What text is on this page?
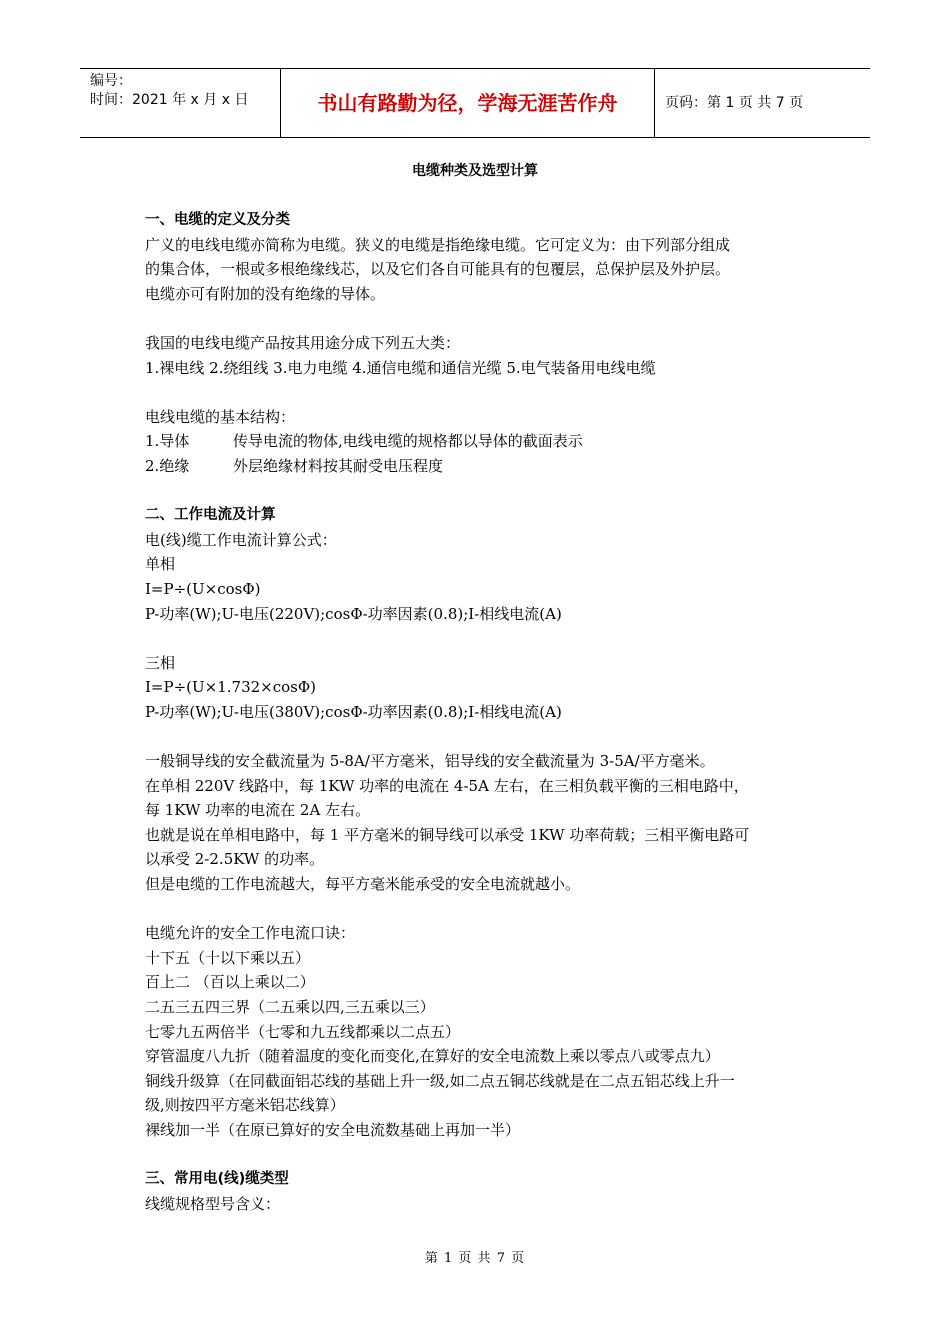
编号：
时间：2021 年 x 月 x 日	书山有路勤为径，学海无涯苦作舟	页码：第 1 页 共 7 页
电缆种类及选型计算

一、电缆的定义及分类

广义的电线电缆亦简称为电缆。狭义的电缆是指绝缘电缆。它可定义为：由下列部分组成

的集合体，一根或多根绝缘线芯，以及它们各自可能具有的包覆层，总保护层及外护层。

电缆亦可有附加的没有绝缘的导体。

我国的电线电缆产品按其用途分成下列五大类：

1.裸电线 2.绕组线 3.电力电缆 4.通信电缆和通信光缆 5.电气装备用电线电缆

电线电缆的基本结构：

1.导体	传导电流的物体,电线电缆的规格都以导体的截面表示
2.绝缘	外层绝缘材料按其耐受电压程度

二、工作电流及计算

电(线)缆工作电流计算公式：

单相

I=P÷(U×cosΦ)

P-功率(W);U-电压(220V);cosΦ-功率因素(0.8);I-相线电流(A)

三相

I=P÷(U×1.732×cosΦ)

P-功率(W);U-电压(380V);cosΦ-功率因素(0.8);I-相线电流(A)

一般铜导线的安全截流量为 5-8A/平方毫米，铝导线的安全截流量为 3-5A/平方毫米。

在单相 220V 线路中，每 1KW 功率的电流在 4-5A 左右，在三相负载平衡的三相电路中，

每 1KW 功率的电流在 2A 左右。

也就是说在单相电路中，每 1 平方毫米的铜导线可以承受 1KW 功率荷载；三相平衡电路可

以承受 2-2.5KW 的功率。

但是电缆的工作电流越大，每平方毫米能承受的安全电流就越小。

电缆允许的安全工作电流口诀：

十下五（十以下乘以五）

百上二 （百以上乘以二）

二五三五四三界（二五乘以四,三五乘以三）

七零九五两倍半（七零和九五线都乘以二点五）

穿管温度八九折（随着温度的变化而变化,在算好的安全电流数上乘以零点八或零点九）

铜线升级算（在同截面铝芯线的基础上升一级,如二点五铜芯线就是在二点五铝芯线上升一

级,则按四平方毫米铝芯线算）

裸线加一半（在原已算好的安全电流数基础上再加一半）

三、常用电(线)缆类型

线缆规格型号含义：

第 1 页 共 7 页
